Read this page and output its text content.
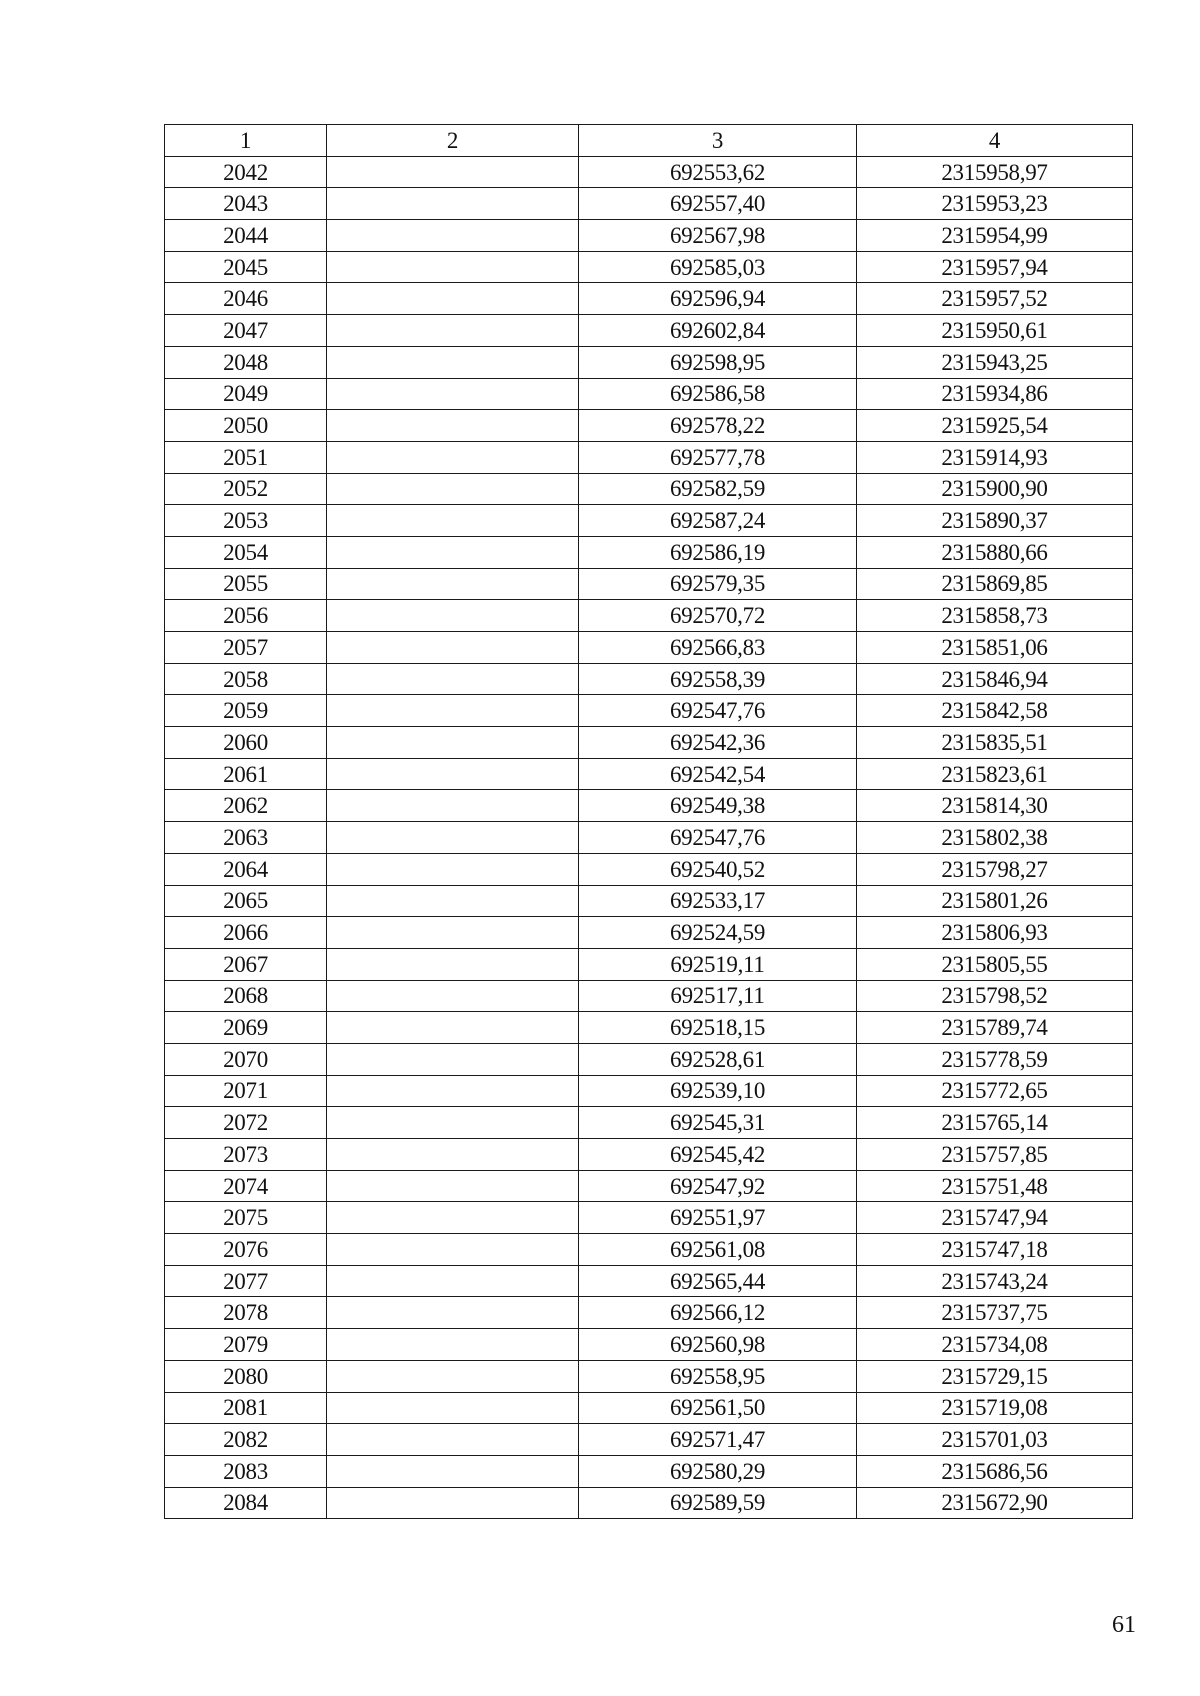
1	2	3	4
2042		692553,62	2315958,97
2043		692557,40	2315953,23
2044		692567,98	2315954,99
2045		692585,03	2315957,94
2046		692596,94	2315957,52
2047		692602,84	2315950,61
2048		692598,95	2315943,25
2049		692586,58	2315934,86
2050		692578,22	2315925,54
2051		692577,78	2315914,93
2052		692582,59	2315900,90
2053		692587,24	2315890,37
2054		692586,19	2315880,66
2055		692579,35	2315869,85
2056		692570,72	2315858,73
2057		692566,83	2315851,06
2058		692558,39	2315846,94
2059		692547,76	2315842,58
2060		692542,36	2315835,51
2061		692542,54	2315823,61
2062		692549,38	2315814,30
2063		692547,76	2315802,38
2064		692540,52	2315798,27
2065		692533,17	2315801,26
2066		692524,59	2315806,93
2067		692519,11	2315805,55
2068		692517,11	2315798,52
2069		692518,15	2315789,74
2070		692528,61	2315778,59
2071		692539,10	2315772,65
2072		692545,31	2315765,14
2073		692545,42	2315757,85
2074		692547,92	2315751,48
2075		692551,97	2315747,94
2076		692561,08	2315747,18
2077		692565,44	2315743,24
2078		692566,12	2315737,75
2079		692560,98	2315734,08
2080		692558,95	2315729,15
2081		692561,50	2315719,08
2082		692571,47	2315701,03
2083		692580,29	2315686,56
2084		692589,59	2315672,90
61
